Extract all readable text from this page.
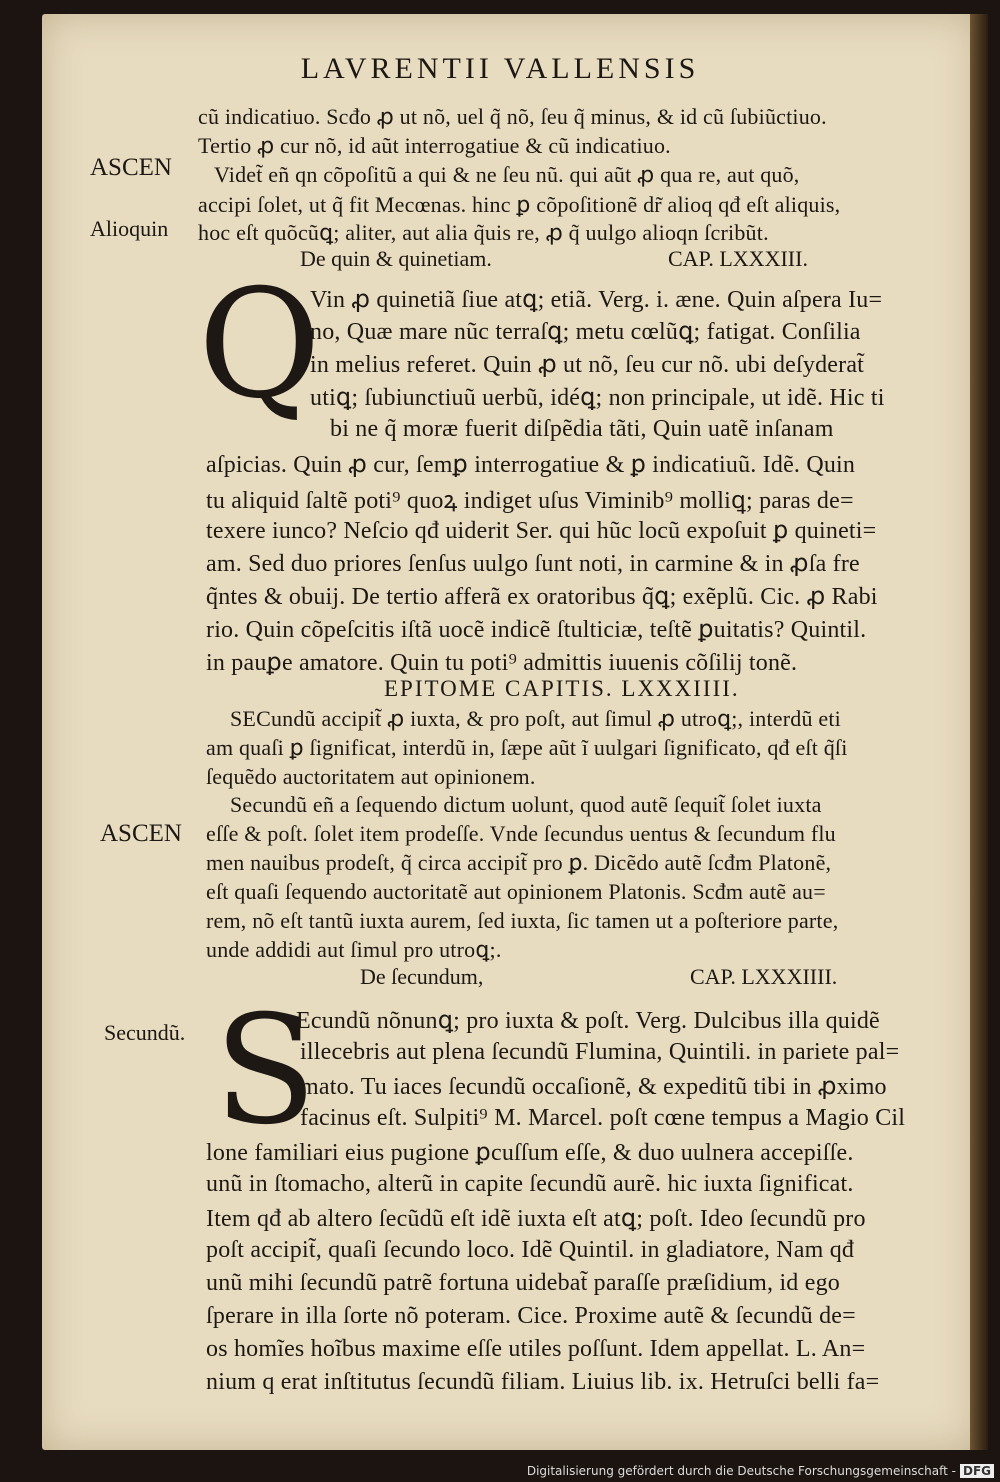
LAVRENTII VALLENSIS
cũ indicatiuo. Scđo ꝓ ut nõ, uel q̃ nõ, ſeu q̃ minus, & id cũ ſubiũctiuo.
Tertio ꝓ cur nõ, id aũt interrogatiue & cũ indicatiuo.
ASCEN
Alioquin
Videt̃ eñ qn cõpoſitũ a qui & ne ſeu nũ. qui aũt ꝓ qua re, aut quõ,
accipi ſolet, ut q̃ fit Mecœnas. hinc ꝑ cõpoſitionẽ dr̃ alioq qđ eſt aliquis,
hoc eſt quõcũꝗ; aliter, aut alia q̃uis re, ꝓ q̃ uulgo alioqn ſcribũt.
De quin & quinetiam.	CAP. LXXXIII.
Q
Vin ꝓ quinetiã ſiue atꝗ; etiã. Verg. i. æne. Quin aſpera Iu=
no, Quæ mare nũc terraſꝗ; metu cœlũꝗ; fatigat. Conſilia
in melius referet. Quin ꝓ ut nõ, ſeu cur nõ. ubi deſyderat̃
utiꝗ; ſubiunctiuũ uerbũ, idéꝗ; non principale, ut idẽ. Hic ti
bi ne q̃ moræ fuerit diſpẽdia tãti, Quin uatẽ inſanam
aſpicias. Quin ꝓ cur, ſemꝑ interrogatiue & ꝑ indicatiuũ. Idẽ. Quin
tu aliquid ſaltẽ poti⁹ quoꝝ indiget uſus Viminib⁹ molliꝗ; paras de=
texere iunco? Neſcio qđ uiderit Ser. qui hũc locũ expoſuit ꝑ quineti=
am. Sed duo priores ſenſus uulgo ſunt noti, in carmine & in ꝓſa fre
q̃ntes & obuij. De tertio afferã ex oratoribus q̃ꝗ; exẽplũ. Cic. ꝓ Rabi
rio. Quin cõpeſcitis iſtã uocẽ indicẽ ſtulticiæ, teſtẽ ꝑuitatis? Quintil.
in pauꝑe amatore. Quin tu poti⁹ admittis iuuenis cõſilij tonẽ.
EPITOME CAPITIS. LXXXIIII.
SECundũ accipit̃ ꝓ iuxta, & pro poſt, aut ſimul ꝓ utroꝗ;, interdũ eti
am quaſi ꝑ ſignificat, interdũ in, ſæpe aũt ĩ uulgari ſignificato, qđ eſt q̃ſi
ſequẽdo auctoritatem aut opinionem.
ASCEN
Secundũ eñ a ſequendo dictum uolunt, quod autẽ ſequit̃ ſolet iuxta
eſſe & poſt. ſolet item prodeſſe. Vnde ſecundus uentus & ſecundum flu
men nauibus prodeſt, q̃ circa accipit̃ pro ꝑ. Dicẽdo autẽ ſcđm Platonẽ,
eſt quaſi ſequendo auctoritatẽ aut opinionem Platonis. Scđm autẽ au=
rem, nõ eſt tantũ iuxta aurem, ſed iuxta, ſic tamen ut a poſteriore parte,
unde addidi aut ſimul pro utroꝗ;.
De ſecundum,	CAP. LXXXIIII.
Secundũ. S
Ecundũ nõnunꝗ; pro iuxta & poſt. Verg. Dulcibus illa quidẽ
illecebris aut plena ſecundũ Flumina, Quintili. in pariete pal=
mato. Tu iaces ſecundũ occaſionẽ, & expeditũ tibi in ꝓximo
facinus eſt. Sulpiti⁹ M. Marcel. poſt cœne tempus a Magio Cil
lone familiari eius pugione ꝑcuſſum eſſe, & duo uulnera accepiſſe.
unũ in ſtomacho, alterũ in capite ſecundũ aurẽ. hic iuxta ſignificat.
Item qđ ab altero ſecũdũ eſt idẽ iuxta eſt atꝗ; poſt. Ideo ſecundũ pro
poſt accipit̃, quaſi ſecundo loco. Idẽ Quintil. in gladiatore, Nam qđ
unũ mihi ſecundũ patrẽ fortuna uidebat̃ paraſſe præſidium, id ego
ſperare in illa ſorte nõ poteram. Cice. Proxime autẽ & ſecundũ de=
os homĩes hoĩbus maxime eſſe utiles poſſunt. Idem appellat. L. An=
nium q erat inſtitutus ſecundũ filiam. Liuius lib. ix. Hetruſci belli fa=
Digitalisierung gefördert durch die Deutsche Forschungsgemeinschaft - DFG
